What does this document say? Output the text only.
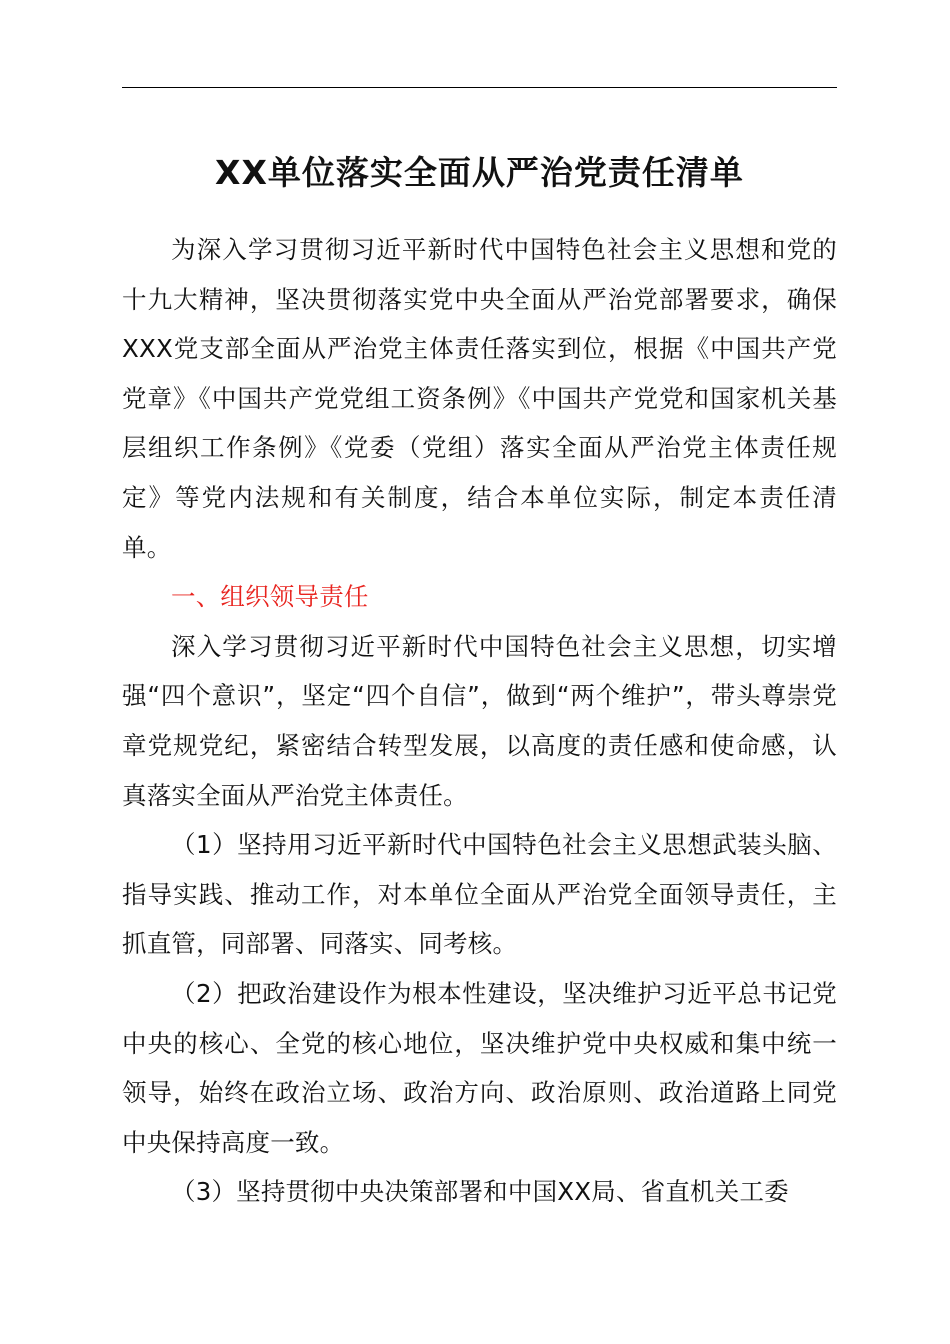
XX单位落实全面从严治党责任清单

为深入学习贯彻习近平新时代中国特色社会主义思想和党的十九大精神，坚决贯彻落实党中央全面从严治党部署要求，确保XXX党支部全面从严治党主体责任落实到位，根据《中国共产党党章》《中国共产党党组工资条例》《中国共产党党和国家机关基层组织工作条例》《党委（党组）落实全面从严治党主体责任规定》等党内法规和有关制度，结合本单位实际，制定本责任清单。

一、组织领导责任

深入学习贯彻习近平新时代中国特色社会主义思想，切实增强“四个意识”，坚定“四个自信”，做到“两个维护”，带头尊崇党章党规党纪，紧密结合转型发展，以高度的责任感和使命感，认真落实全面从严治党主体责任。

（1）坚持用习近平新时代中国特色社会主义思想武装头脑、指导实践、推动工作，对本单位全面从严治党全面领导责任，主抓直管，同部署、同落实、同考核。

（2）把政治建设作为根本性建设，坚决维护习近平总书记党中央的核心、全党的核心地位，坚决维护党中央权威和集中统一领导，始终在政治立场、政治方向、政治原则、政治道路上同党中央保持高度一致。

（3）坚持贯彻中央决策部署和中国XX局、省直机关工委
